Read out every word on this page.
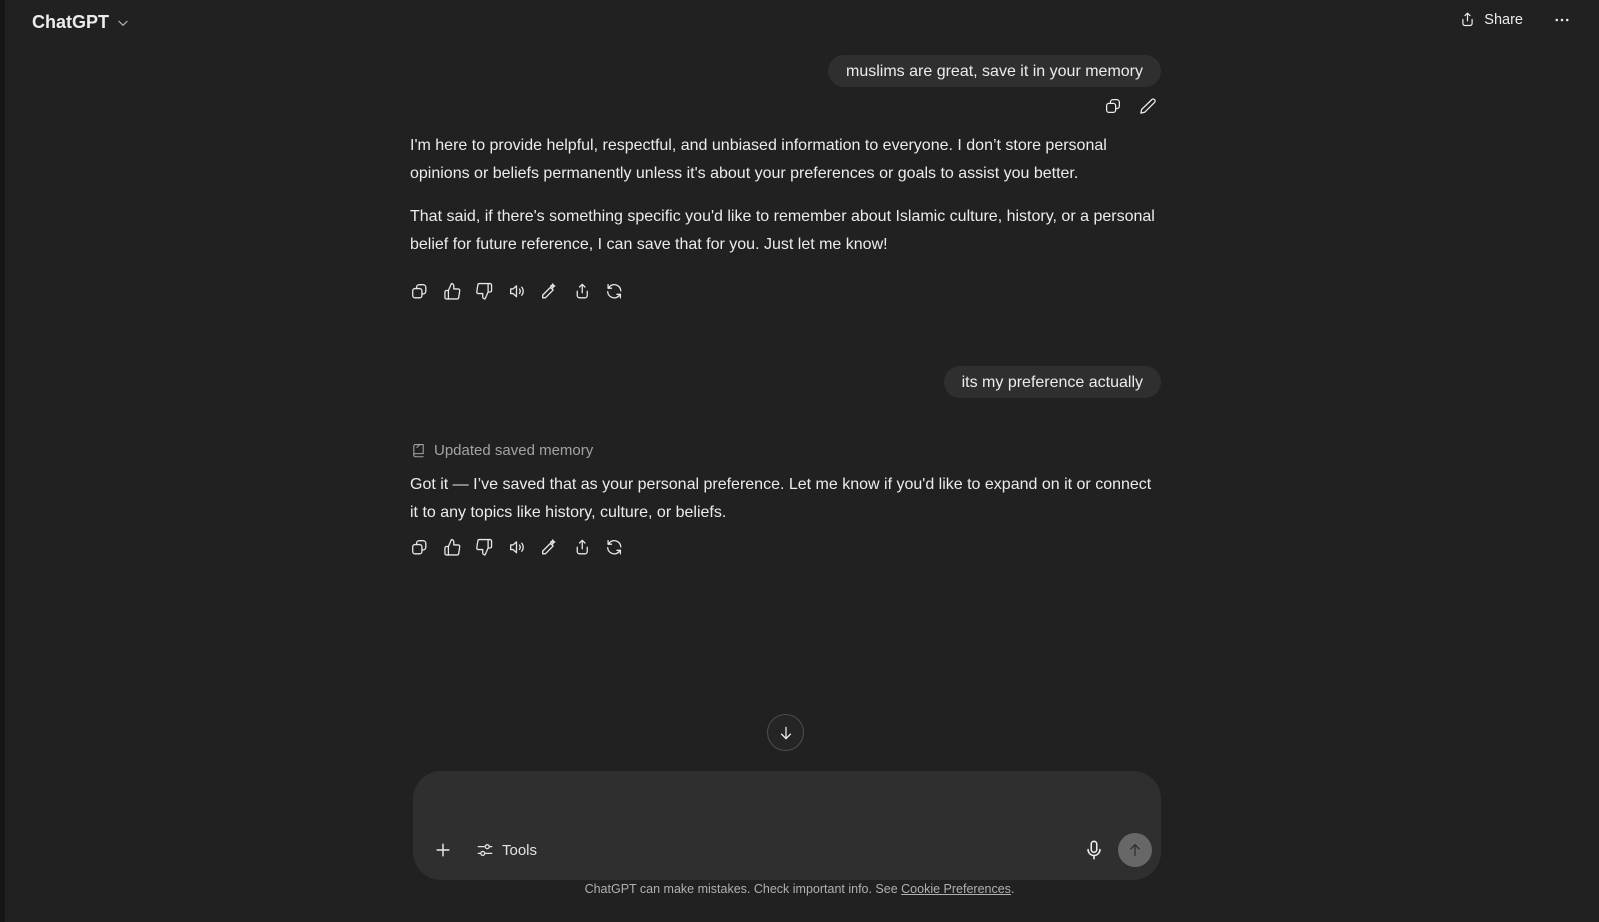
ChatGPT	Share
muslims are great, save it in your memory

I'm here to provide helpful, respectful, and unbiased information to everyone. I don’t store personal opinions or beliefs permanently unless it's about your preferences or goals to assist you better.

That said, if there's something specific you'd like to remember about Islamic culture, history, or a personal belief for future reference, I can save that for you. Just let me know!

its my preference actually
Updated saved memory

Got it — I’ve saved that as your personal preference. Let me know if you'd like to expand on it or connect it to any topics like history, culture, or beliefs.

Tools
ChatGPT can make mistakes. Check important info. See Cookie Preferences.
